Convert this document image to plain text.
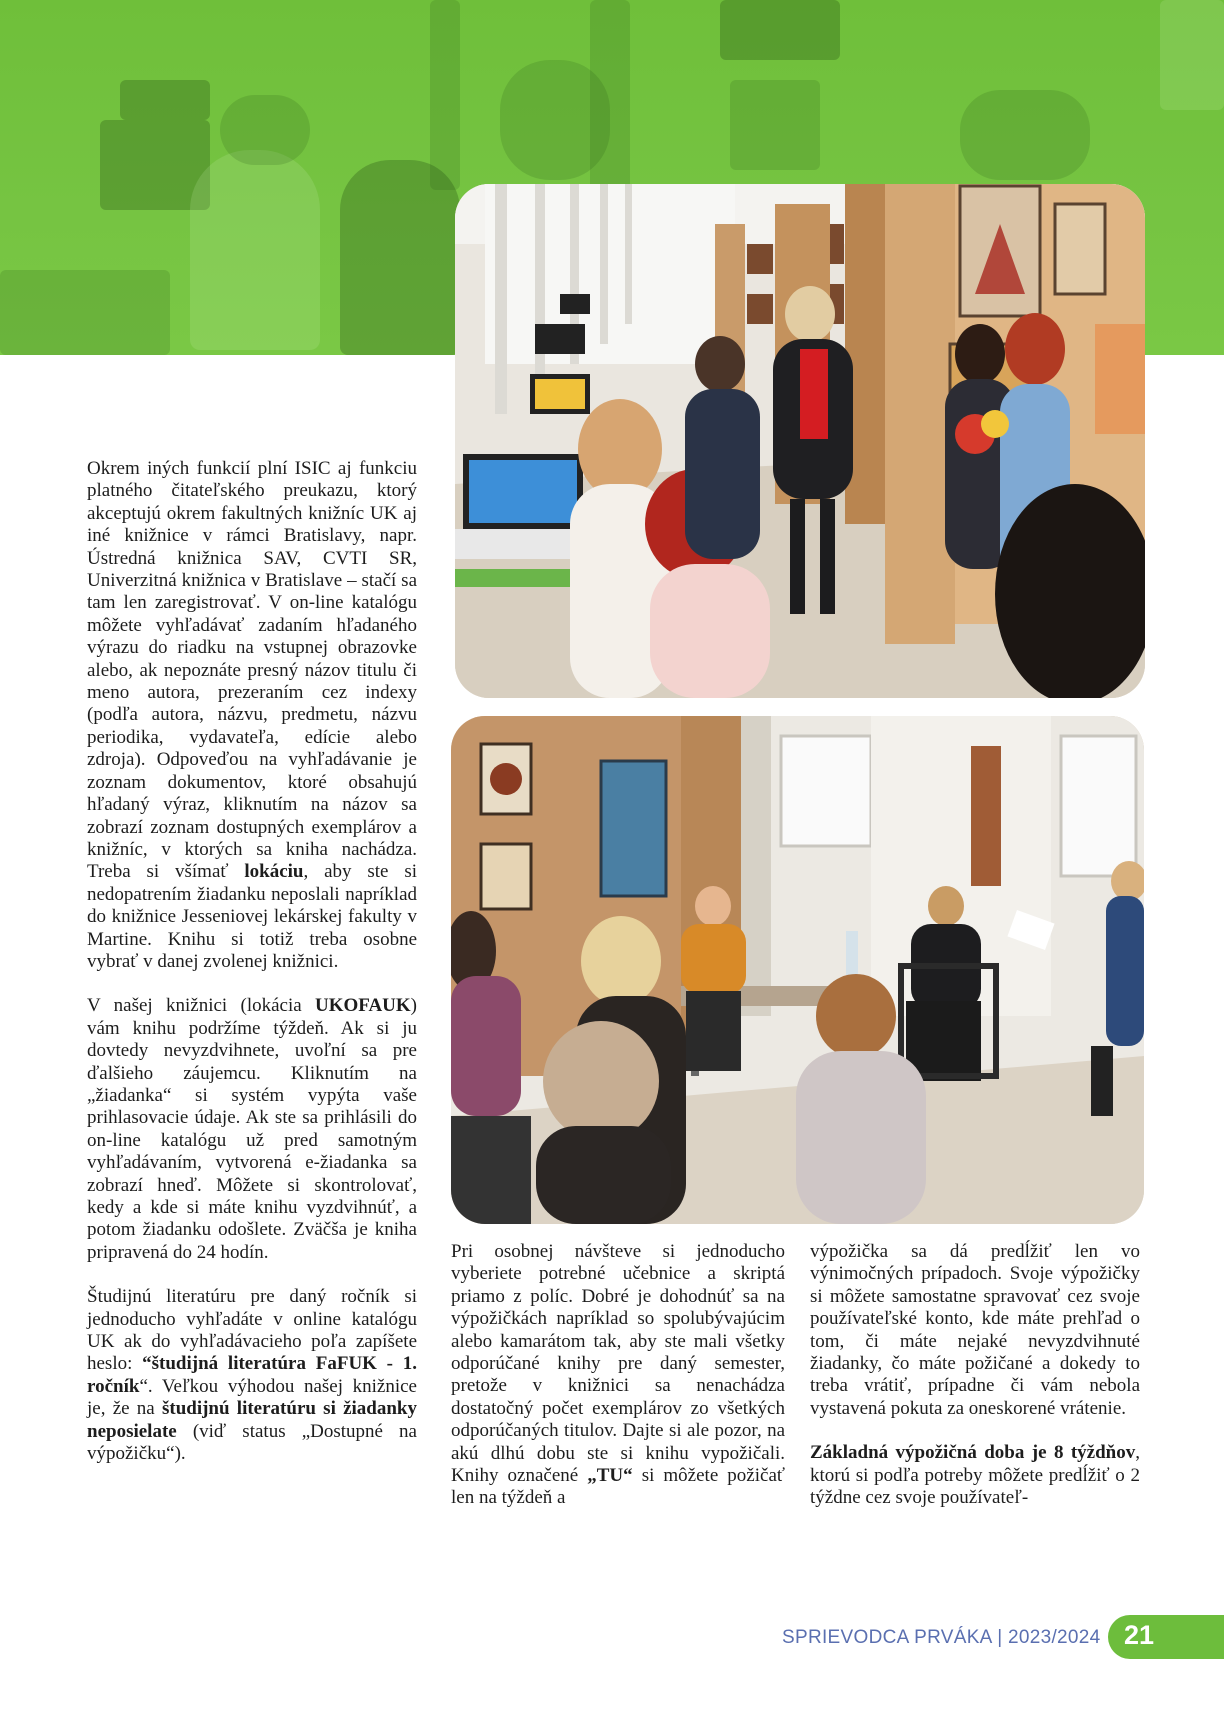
Okrem iných funkcií plní ISIC aj funkciu platného čitateľského preukazu, ktorý akceptujú okrem fakultných knižníc UK aj iné knižnice v rámci Bratislavy, napr. Ústredná knižnica SAV, CVTI SR, Univerzitná knižnica v Bratislave – stačí sa tam len zaregistrovať. V on-line katalógu môžete vyhľadávať zadaním hľadaného výrazu do riadku na vstupnej obrazovke alebo, ak nepoznáte presný názov titulu či meno autora, prezeraním cez indexy (podľa autora, názvu, predmetu, názvu periodika, vydavateľa, edície alebo zdroja). Odpoveďou na vyhľadávanie je zoznam dokumentov, ktoré obsahujú hľadaný výraz, kliknutím na názov sa zobrazí zoznam dostupných exemplárov a knižníc, v ktorých sa kniha nachádza. Treba si všímať lokáciu, aby ste si nedopatrením žiadanku neposlali napríklad do knižnice Jesseniovej lekárskej fakulty v Martine. Knihu si totiž treba osobne vybrať v danej zvolenej knižnici.

V našej knižnici (lokácia UKOFAUK) vám knihu podržíme týždeň. Ak si ju dovtedy nevyzdvihnete, uvoľní sa pre ďalšieho záujemcu. Kliknutím na „žiadanka“ si systém vypýta vaše prihlasovacie údaje. Ak ste sa prihlásili do on-line katalógu už pred samotným vyhľadávaním, vytvorená e-žiadanka sa zobrazí hneď. Môžete si skontrolovať, kedy a kde si máte knihu vyzdvihnúť, a potom žiadanku odošlete. Zväčša je kniha pripravená do 24 hodín.

Študijnú literatúru pre daný ročník si jednoducho vyhľadáte v online katalógu UK ak do vyhľadávacieho poľa zapíšete heslo: “študijná literatúra FaFUK - 1. ročník“. Veľkou výhodou našej knižnice je, že na študijnú literatúru si žiadanky neposielate (viď status „Dostupné na výpožičku“).

Pri osobnej návšteve si jednoducho vyberiete potrebné učebnice a skriptá priamo z políc. Dobré je dohodnúť sa na výpožičkách napríklad so spolubývajúcim alebo kamarátom tak, aby ste mali všetky odporúčané knihy pre daný semester, pretože v knižnici sa nenachádza dostatočný počet exemplárov zo všetkých odporúčaných titulov. Dajte si ale pozor, na akú dlhú dobu ste si knihu vypožičali. Knihy označené „TU“ si môžete požičať len na týždeň a

výpožička sa dá predĺžiť len vo výnimočných prípadoch. Svoje výpožičky si môžete samostatne spravovať cez svoje používateľské konto, kde máte prehľad o tom, či máte nejaké nevyzdvihnuté žiadanky, čo máte požičané a dokedy to treba vrátiť, prípadne či vám nebola vystavená pokuta za oneskorené vrátenie.

Základná výpožičná doba je 8 týždňov, ktorú si podľa potreby môžete predĺžiť o 2 týždne cez svoje používateľ-

SPRIEVODCA PRVÁKA | 2023/2024 21
